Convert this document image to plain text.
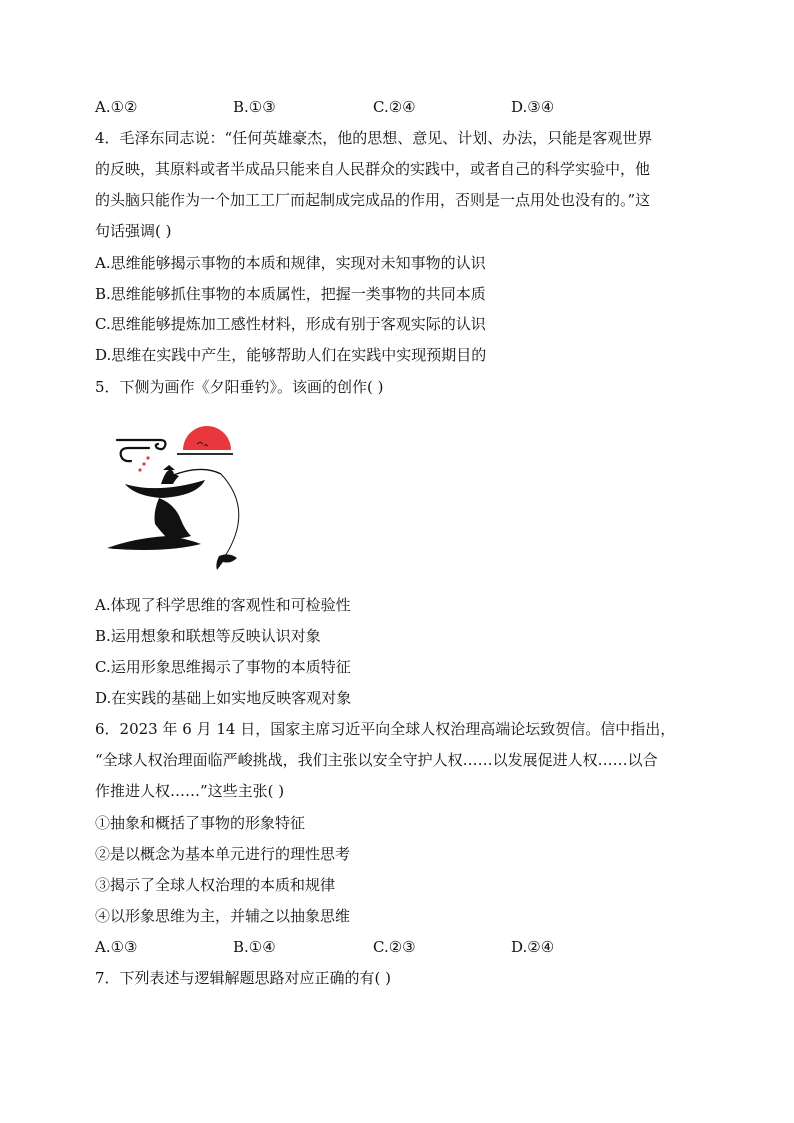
A.①②	B.①③	C.②④	D.③④
4．毛泽东同志说：“任何英雄豪杰，他的思想、意见、计划、办法，只能是客观世界
的反映，其原料或者半成品只能来自人民群众的实践中，或者自己的科学实验中，他
的头脑只能作为一个加工工厂而起制成完成品的作用，否则是一点用处也没有的。”这
句话强调( )
A.思维能够揭示事物的本质和规律，实现对未知事物的认识
B.思维能够抓住事物的本质属性，把握一类事物的共同本质
C.思维能够提炼加工感性材料，形成有别于客观实际的认识
D.思维在实践中产生，能够帮助人们在实践中实现预期目的
5．下侧为画作《夕阳垂钓》。该画的创作( )
A.体现了科学思维的客观性和可检验性
B.运用想象和联想等反映认识对象
C.运用形象思维揭示了事物的本质特征
D.在实践的基础上如实地反映客观对象
6．2023 年 6 月 14 日，国家主席习近平向全球人权治理高端论坛致贺信。信中指出，
“全球人权治理面临严峻挑战，我们主张以安全守护人权……以发展促进人权……以合
作推进人权……”这些主张( )
①抽象和概括了事物的形象特征
②是以概念为基本单元进行的理性思考
③揭示了全球人权治理的本质和规律
④以形象思维为主，并辅之以抽象思维
A.①③	B.①④	C.②③	D.②④
7．下列表述与逻辑解题思路对应正确的有( )
